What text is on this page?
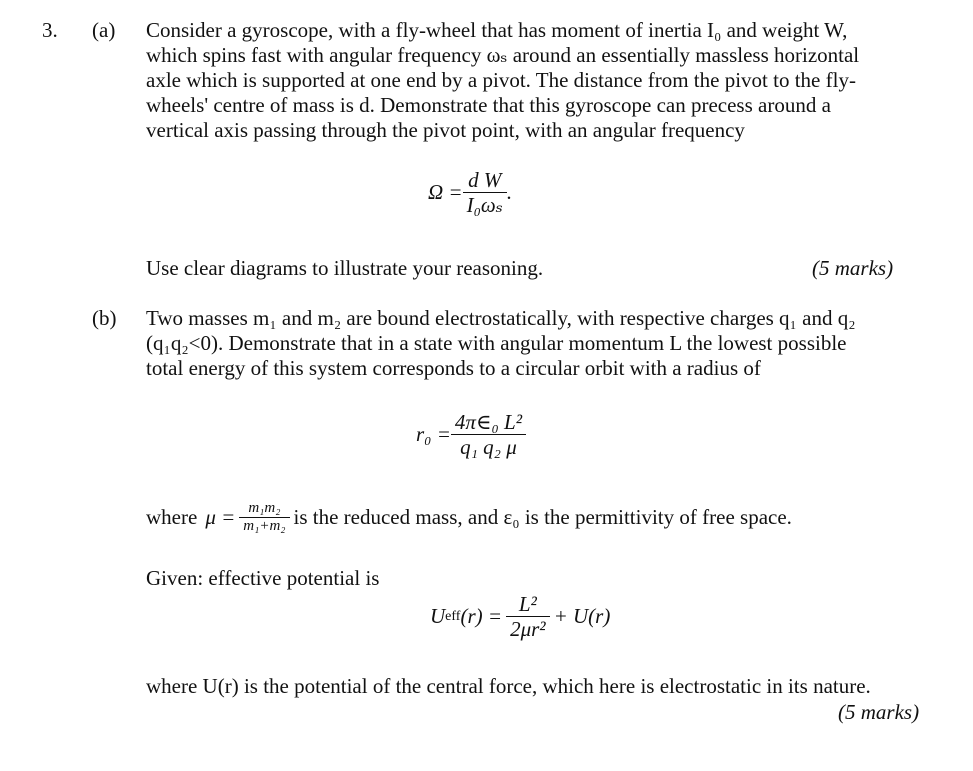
3. (a) Consider a gyroscope, with a fly-wheel that has moment of inertia I₀ and weight W,
which spins fast with angular frequency ωₛ around an essentially massless horizontal
axle which is supported at one end by a pivot. The distance from the pivot to the fly-
wheels' centre of mass is d. Demonstrate that this gyroscope can precess around a
vertical axis passing through the pivot point, with an angular frequency
$\Omega = \frac{\text{d W}}{\text{I₀ωₛ}}$ .
Use clear diagrams to illustrate your reasoning.	(5 marks)
(b) Two masses m₁ and m₂ are bound electrostatically, with respective charges q₁ and q₂
(q₁q₂<0). Demonstrate that in a state with angular momentum L the lowest possible
total energy of this system corresponds to a circular orbit with a radius of
$r_0 = \frac{\text{4π∈₀ L²}}{\text{q₁ q₂ μ}}$
where $\mu = \frac{\text{m₁m₂}}{\text{m₁+m₂}}$ is the reduced mass, and ε₀ is the permittivity of free space.
Given: effective potential is
U eff $(r) = \frac{\text{L²}}{\text{2μr²}} + U(r)$
where U(r) is the potential of the central force, which here is electrostatic in its nature.
(5 marks)
